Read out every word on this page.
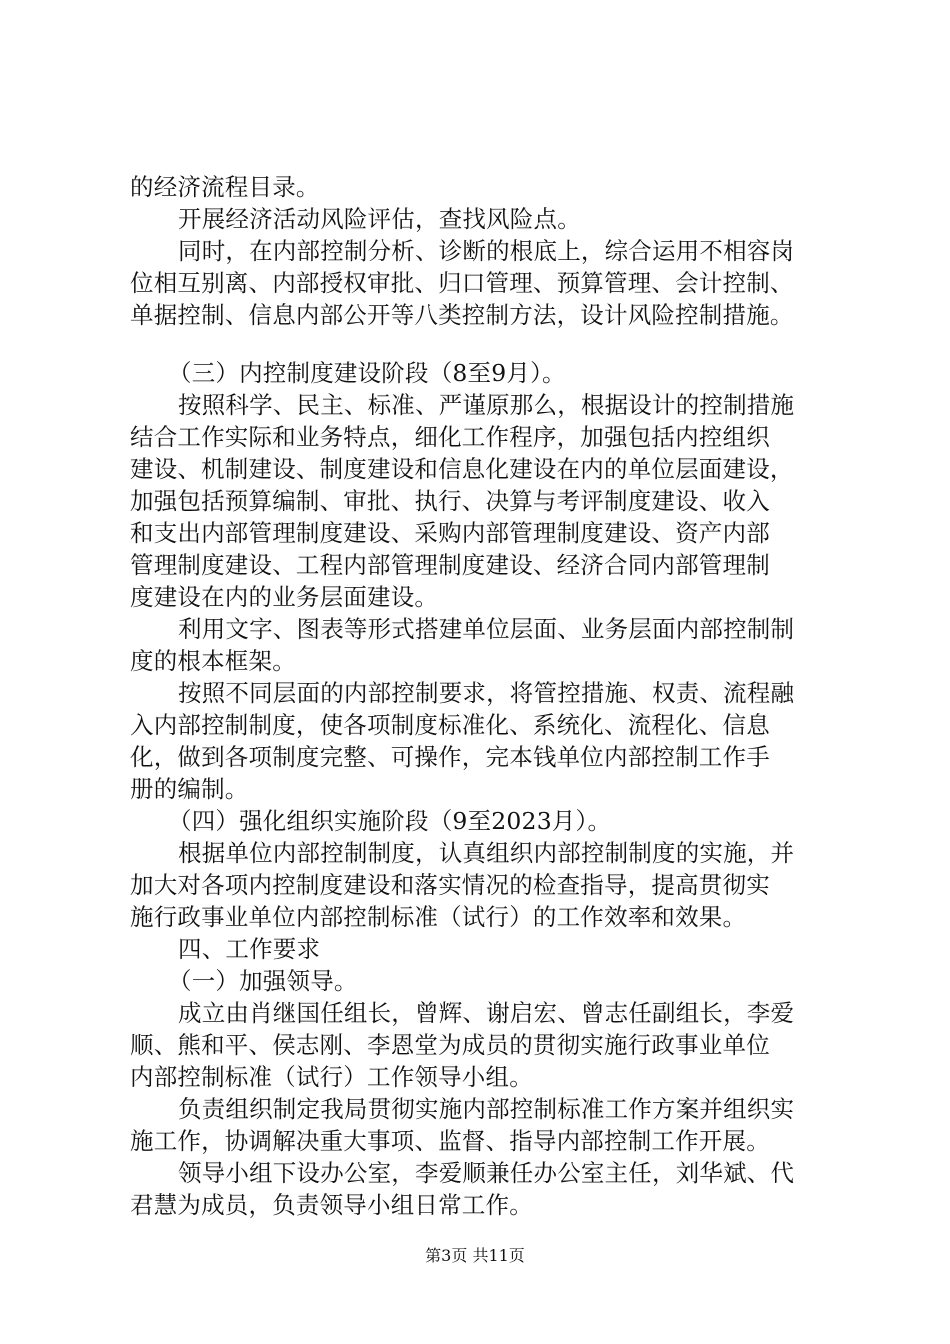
的经济流程目录。
开展经济活动风险评估，查找风险点。
同时，在内部控制分析、诊断的根底上，综合运用不相容岗
位相互别离、内部授权审批、归口管理、预算管理、会计控制、
单据控制、信息内部公开等八类控制方法，设计风险控制措施。
（三）内控制度建设阶段（8至9月）。
按照科学、民主、标准、严谨原那么，根据设计的控制措施
结合工作实际和业务特点，细化工作程序，加强包括内控组织
建设、机制建设、制度建设和信息化建设在内的单位层面建设，
加强包括预算编制、审批、执行、决算与考评制度建设、收入
和支出内部管理制度建设、采购内部管理制度建设、资产内部
管理制度建设、工程内部管理制度建设、经济合同内部管理制
度建设在内的业务层面建设。
利用文字、图表等形式搭建单位层面、业务层面内部控制制
度的根本框架。
按照不同层面的内部控制要求，将管控措施、权责、流程融
入内部控制制度，使各项制度标准化、系统化、流程化、信息
化，做到各项制度完整、可操作，完本钱单位内部控制工作手
册的编制。
（四）强化组织实施阶段（9至2023月）。
根据单位内部控制制度，认真组织内部控制制度的实施，并
加大对各项内控制度建设和落实情况的检查指导，提高贯彻实
施行政事业单位内部控制标准（试行）的工作效率和效果。
四、工作要求
（一）加强领导。
成立由肖继国任组长，曾辉、谢启宏、曾志任副组长，李爱
顺、熊和平、侯志刚、李恩堂为成员的贯彻实施行政事业单位
内部控制标准（试行）工作领导小组。
负责组织制定我局贯彻实施内部控制标准工作方案并组织实
施工作，协调解决重大事项、监督、指导内部控制工作开展。
领导小组下设办公室，李爱顺兼任办公室主任，刘华斌、代
君慧为成员，负责领导小组日常工作。
第3页 共11页
